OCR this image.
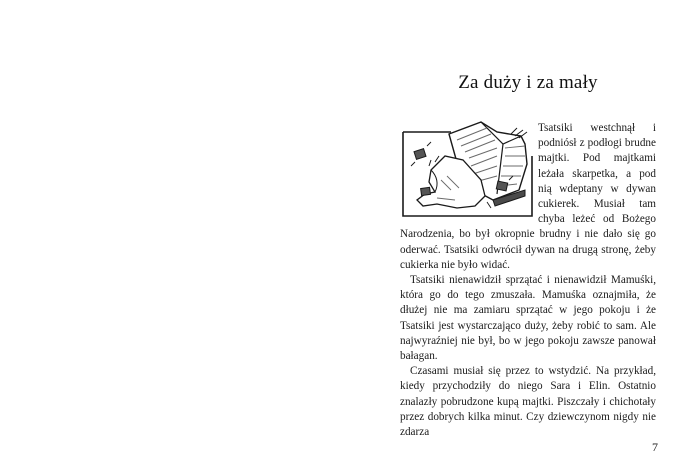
Za duży i za mały

Tsatsiki westchnął i podniósł z podłogi brudne majtki. Pod majtkami leżała skarpetka, a pod nią wdeptany w dywan cukierek. Musiał tam chyba leżeć od Bożego Narodzenia, bo był okropnie brudny i nie dało się go oderwać. Tsatsiki odwrócił dywan na drugą stronę, żeby cukierka nie było widać.

Tsatsiki nienawidził sprzątać i nienawidził Mamuśki, która go do tego zmuszała. Mamuśka oznajmiła, że dłużej nie ma zamiaru sprzątać w jego pokoju i że Tsatsiki jest wystarczająco duży, żeby robić to sam. Ale najwyraźniej nie był, bo w jego pokoju zawsze panował bałagan.

Czasami musiał się przez to wstydzić. Na przykład, kiedy przychodziły do niego Sara i Elin. Ostatnio znalazły pobrudzone kupą majtki. Piszczały i chichotały przez dobrych kilka minut. Czy dziewczynom nigdy nie zdarza

7
